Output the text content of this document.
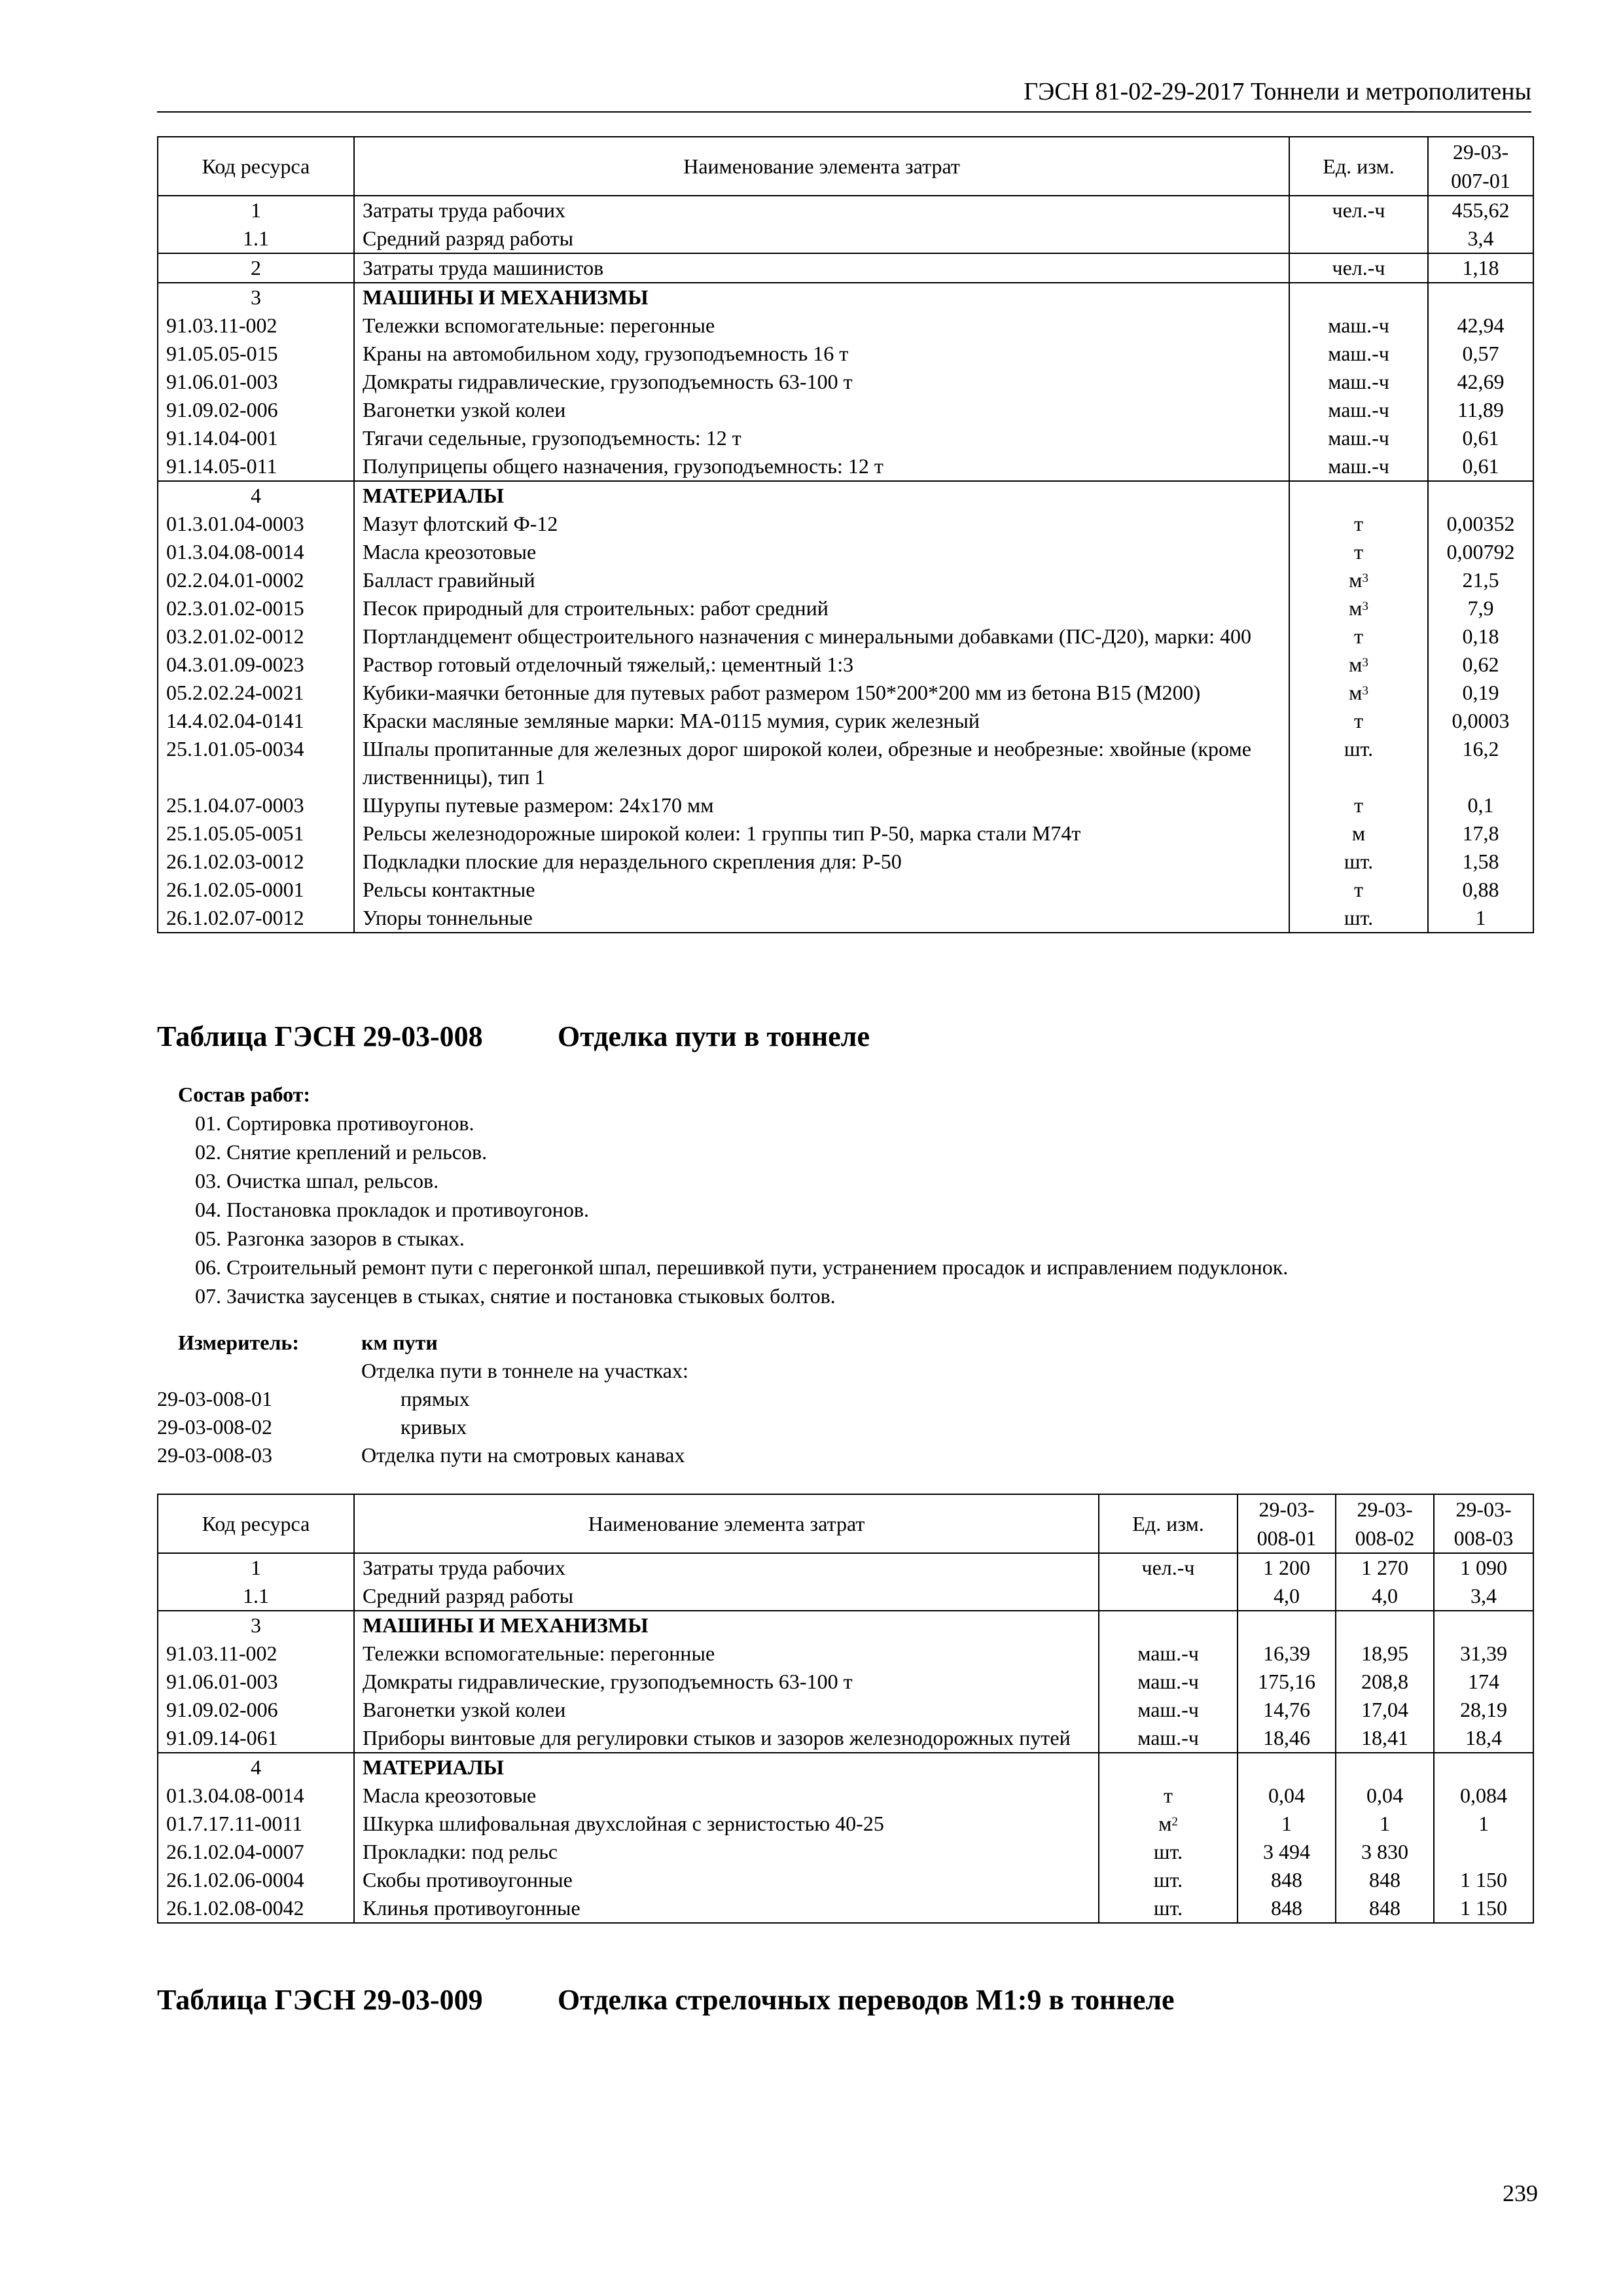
ГЭСН 81-02-29-2017 Тоннели и метрополитены
Код ресурса	Наименование элемента затрат	Ед. изм.	29-03-007-01
1	Затраты труда рабочих	чел.-ч	455,62
1.1	Средний разряд работы		3,4
2	Затраты труда машинистов	чел.-ч	1,18
3	МАШИНЫ И МЕХАНИЗМЫ		
91.03.11-002	Тележки вспомогательные: перегонные	маш.-ч	42,94
91.05.05-015	Краны на автомобильном ходу, грузоподъемность 16 т	маш.-ч	0,57
91.06.01-003	Домкраты гидравлические, грузоподъемность 63-100 т	маш.-ч	42,69
91.09.02-006	Вагонетки узкой колеи	маш.-ч	11,89
91.14.04-001	Тягачи седельные, грузоподъемность: 12 т	маш.-ч	0,61
91.14.05-011	Полуприцепы общего назначения, грузоподъемность: 12 т	маш.-ч	0,61
4	МАТЕРИАЛЫ		
01.3.01.04-0003	Мазут флотский Ф-12	т	0,00352
01.3.04.08-0014	Масла креозотовые	т	0,00792
02.2.04.01-0002	Балласт гравийный	$м^3$	21,5
02.3.01.02-0015	Песок природный для строительных: работ средний	$м^3$	7,9
03.2.01.02-0012	Портландцемент общестроительного назначения с минеральными добавками (ПС-Д20), марки: 400	т	0,18
04.3.01.09-0023	Раствор готовый отделочный тяжелый,: цементный 1:3	$м^3$	0,62
05.2.02.24-0021	Кубики-маячки бетонные для путевых работ размером 150*200*200 мм из бетона В15 (М200)	$м^3$	0,19
14.4.02.04-0141	Краски масляные земляные марки: МА-0115 мумия, сурик железный	т	0,0003
25.1.01.05-0034	Шпалы пропитанные для железных дорог широкой колеи, обрезные и необрезные: хвойные (кроме лиственницы), тип 1	шт.	16,2
25.1.04.07-0003	Шурупы путевые размером: 24х170 мм	т	0,1
25.1.05.05-0051	Рельсы железнодорожные широкой колеи: 1 группы тип Р-50, марка стали М74т	м	17,8
26.1.02.03-0012	Подкладки плоские для нераздельного скрепления для: Р-50	шт.	1,58
26.1.02.05-0001	Рельсы контактные	т	0,88
26.1.02.07-0012	Упоры тоннельные	шт.	1
Таблица ГЭСН 29-03-008	Отделка пути в тоннеле
Состав работ:
01. Сортировка противоугонов.
02. Снятие креплений и рельсов.
03. Очистка шпал, рельсов.
04. Постановка прокладок и противоугонов.
05. Разгонка зазоров в стыках.
06. Строительный ремонт пути с перегонкой шпал, перешивкой пути, устранением просадок и исправлением подуклонок.
07. Зачистка заусенцев в стыках, снятие и постановка стыковых болтов.
Измеритель:	км пути
Отделка пути в тоннеле на участках:
29-03-008-01	прямых
29-03-008-02	кривых
29-03-008-03	Отделка пути на смотровых канавах
Код ресурса	Наименование элемента затрат	Ед. изм.	29-03-008-01	29-03-008-02	29-03-008-03
1	Затраты труда рабочих	чел.-ч	1 200	1 270	1 090
1.1	Средний разряд работы		4,0	4,0	3,4
3	МАШИНЫ И МЕХАНИЗМЫ				
91.03.11-002	Тележки вспомогательные: перегонные	маш.-ч	16,39	18,95	31,39
91.06.01-003	Домкраты гидравлические, грузоподъемность 63-100 т	маш.-ч	175,16	208,8	174
91.09.02-006	Вагонетки узкой колеи	маш.-ч	14,76	17,04	28,19
91.09.14-061	Приборы винтовые для регулировки стыков и зазоров железнодорожных путей	маш.-ч	18,46	18,41	18,4
4	МАТЕРИАЛЫ				
01.3.04.08-0014	Масла креозотовые	т	0,04	0,04	0,084
01.7.17.11-0011	Шкурка шлифовальная двухслойная с зернистостью 40-25	$м^2$	1	1	1
26.1.02.04-0007	Прокладки: под рельс	шт.	3 494	3 830	
26.1.02.06-0004	Скобы противоугонные	шт.	848	848	1 150
26.1.02.08-0042	Клинья противоугонные	шт.	848	848	1 150
Таблица ГЭСН 29-03-009	Отделка стрелочных переводов М1:9 в тоннеле
239
